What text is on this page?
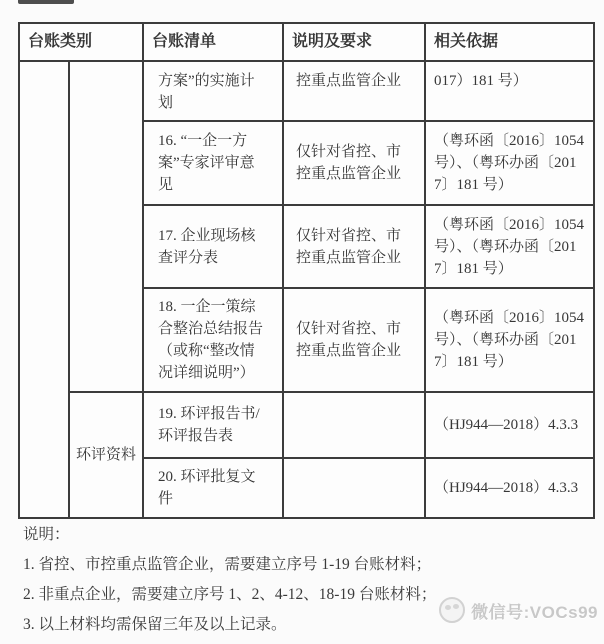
台账类别		台账清单	说明及要求	相关依据
		方案”的实施计划	控重点监管企业	017）181 号）
		16. “一企一方案”专家评审意见	仅针对省控、市控重点监管企业	（粤环函〔2016〕1054 号）、（粤环办函〔2017〕181 号）
		17. 企业现场核查评分表	仅针对省控、市控重点监管企业	（粤环函〔2016〕1054 号）、（粤环办函〔2017〕181 号）
		18. 一企一策综合整治总结报告（或称“整改情况详细说明”）	仅针对省控、市控重点监管企业	（粤环函〔2016〕1054 号）、（粤环办函〔2017〕181 号）
	环评资料	19. 环评报告书/环评报告表		（HJ944—2018）4.3.3
		20. 环评批复文件		（HJ944—2018）4.3.3
说明：
1. 省控、市控重点监管企业，需要建立序号 1-19 台账材料；
2. 非重点企业，需要建立序号 1、2、4-12、18-19 台账材料；
3. 以上材料均需保留三年及以上记录。
微信号:VOCs99
